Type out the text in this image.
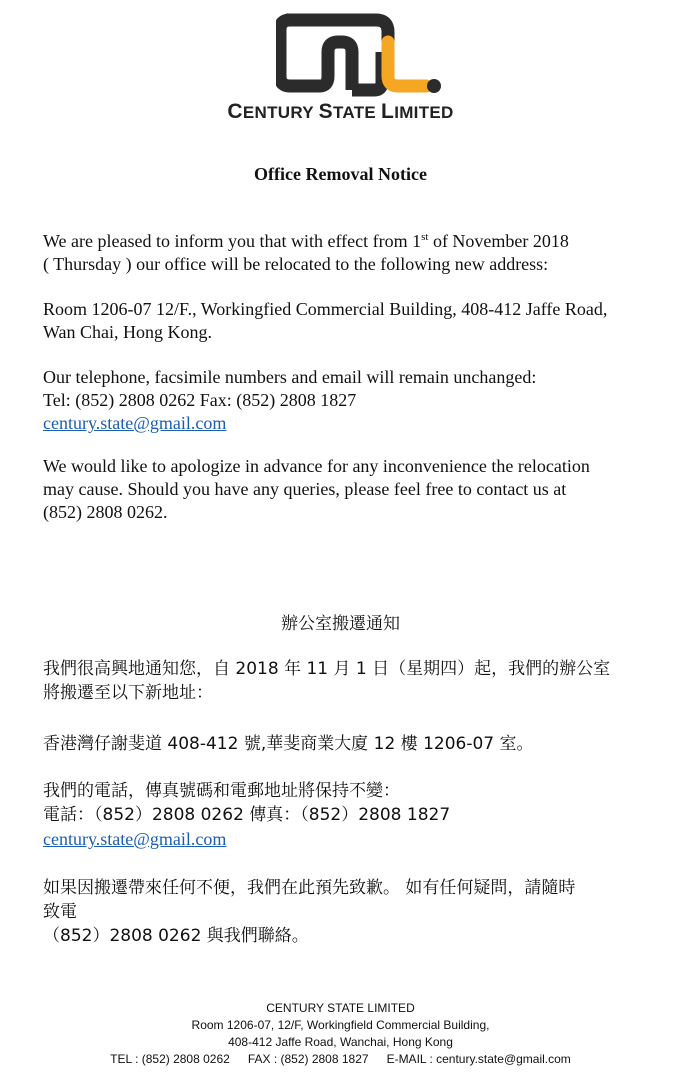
CENTURY STATE LIMITED
Office Removal Notice

We are pleased to inform you that with effect from 1st of November 2018

( Thursday ) our office will be relocated to the following new address:

Room 1206-07 12/F., Workingfied Commercial Building, 408-412 Jaffe Road,

Wan Chai, Hong Kong.

Our telephone, facsimile numbers and email will remain unchanged:

Tel: (852) 2808 0262 Fax: (852) 2808 1827

century.state@gmail.com

We would like to apologize in advance for any inconvenience the relocation

may cause. Should you have any queries, please feel free to contact us at

(852) 2808 0262.

辦公室搬遷通知

我們很高興地通知您，自 2018 年 11 月 1 日（星期四）起，我們的辦公室

將搬遷至以下新地址：

香港灣仔謝斐道 408-412 號,華斐商業大廈 12 樓 1206-07 室。

我們的電話，傳真號碼和電郵地址將保持不變：

電話：（852）2808 0262 傳真：（852）2808 1827

century.state@gmail.com

如果因搬遷帶來任何不便，我們在此預先致歉。 如有任何疑問，請隨時

致電

（852）2808 0262 與我們聯絡。

CENTURY STATE LIMITED
Room 1206-07, 12/F, Workingfield Commercial Building,
408-412 Jaffe Road, Wanchai, Hong Kong
TEL : (852) 2808 0262 FAX : (852) 2808 1827 E-MAIL : century.state@gmail.com
